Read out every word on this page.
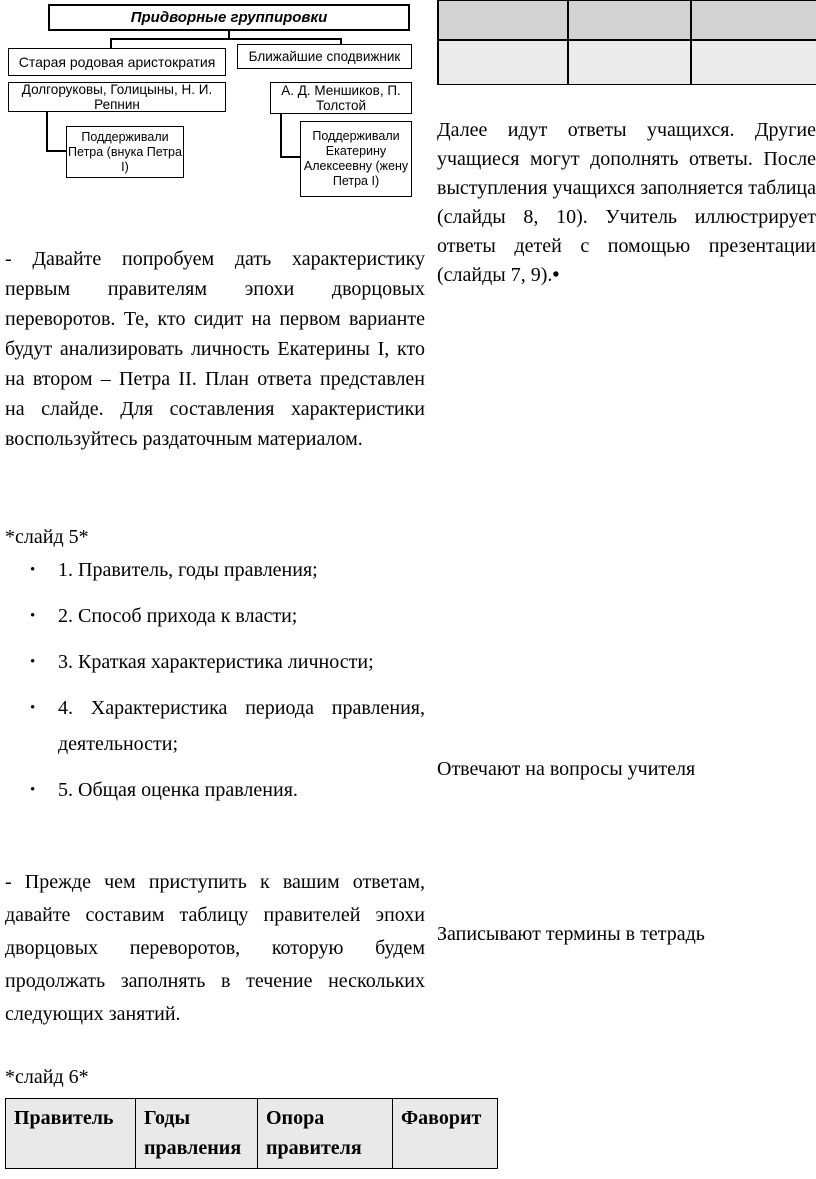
Придворные группировки
Старая родовая аристократия Ближайшие сподвижник
Долгоруковы, Голицыны, Н. И. Репнин
А. Д. Меншиков, П. Толстой
Поддерживали Петра (внука Петра I)
Поддерживали Екатерину Алексеевну (жену Петра I)
Далее идут ответы учащихся. Другие учащиеся могут дополнять ответы. После выступления учащихся заполняется таблица (слайды 8, 10). Учитель иллюстрирует ответы детей с помощью презентации (слайды 7, 9).•
Отвечают на вопросы учителя
Записывают термины в тетрадь
- Давайте попробуем дать характеристику первым правителям эпохи дворцовых переворотов. Те, кто сидит на первом варианте будут анализировать личность Екатерины I, кто на втором – Петра II. План ответа представлен на слайде. Для составления характеристики воспользуйтесь раздаточным материалом.
*слайд 5*
•	1. Правитель, годы правления;
•	2. Способ прихода к власти;
•	3. Краткая характеристика личности;
•	4. Характеристика периода правления, деятельности;
•	5. Общая оценка правления.
- Прежде чем приступить к вашим ответам, давайте составим таблицу правителей эпохи дворцовых переворотов, которую будем продолжать заполнять в течение нескольких следующих занятий.
*слайд 6*
Правитель	Годы правления	Опора правителя	Фаворит
